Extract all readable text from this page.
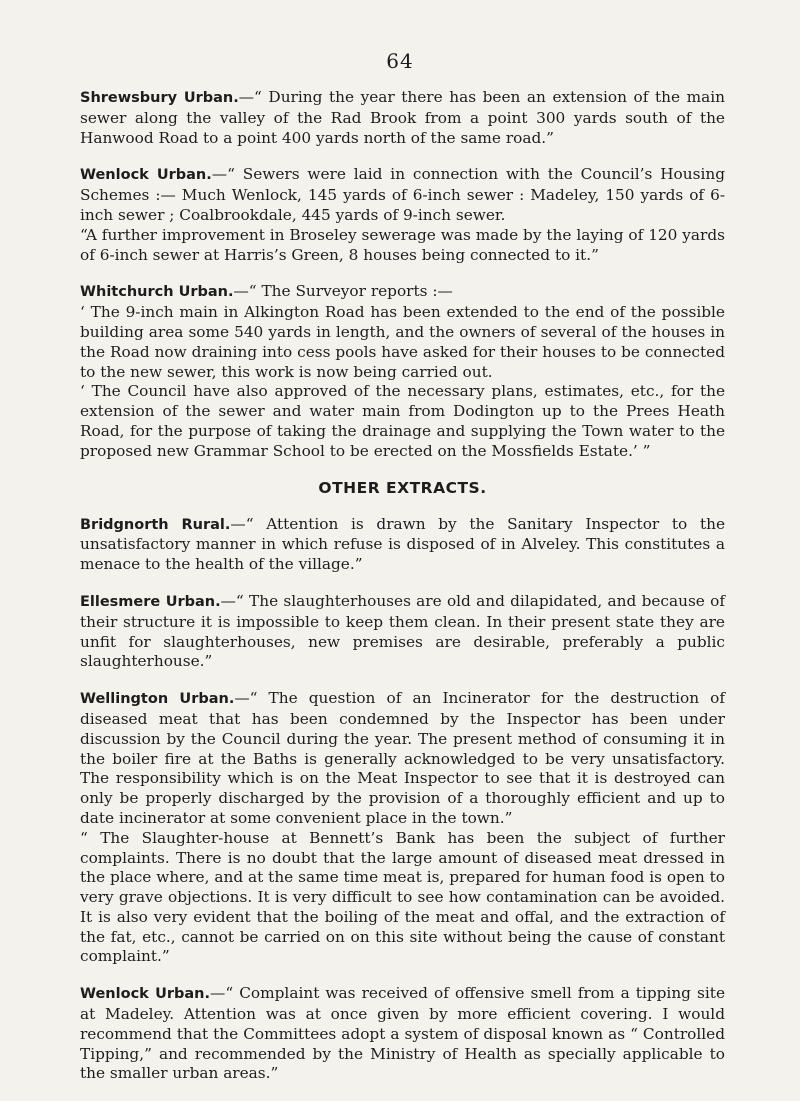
64

Shrewsbury Urban.—“ During the year there has been an extension of the main sewer along the valley of the Rad Brook from a point 300 yards south of the Hanwood Road to a point 400 yards north of the same road.”

Wenlock Urban.—“ Sewers were laid in connection with the Council’s Housing Schemes :— Much Wenlock, 145 yards of 6-inch sewer : Madeley, 150 yards of 6-inch sewer ; Coalbrookdale, 445 yards of 9-inch sewer.

“A further improvement in Broseley sewerage was made by the laying of 120 yards of 6-inch sewer at Harris’s Green, 8 houses being connected to it.”

Whitchurch Urban.—“ The Surveyor reports :—

‘ The 9-inch main in Alkington Road has been extended to the end of the possible building area some 540 yards in length, and the owners of several of the houses in the Road now draining into cess pools have asked for their houses to be connected to the new sewer, this work is now being carried out.

‘ The Council have also approved of the necessary plans, estimates, etc., for the extension of the sewer and water main from Dodington up to the Prees Heath Road, for the purpose of taking the drainage and supplying the Town water to the proposed new Grammar School to be erected on the Mossfields Estate.’ ”

OTHER EXTRACTS.

Bridgnorth Rural.—“ Attention is drawn by the Sanitary Inspector to the unsatisfactory manner in which refuse is disposed of in Alveley. This constitutes a menace to the health of the village.”

Ellesmere Urban.—“ The slaughterhouses are old and dilapidated, and because of their structure it is impossible to keep them clean. In their present state they are unfit for slaughterhouses, new premises are desirable, preferably a public slaughterhouse.”

Wellington Urban.—“ The question of an Incinerator for the destruction of diseased meat that has been condemned by the Inspector has been under discussion by the Council during the year. The present method of consuming it in the boiler fire at the Baths is generally acknowledged to be very unsatisfactory. The responsibility which is on the Meat Inspector to see that it is destroyed can only be properly discharged by the provision of a thoroughly efficient and up to date incinerator at some convenient place in the town.”

“ The Slaughter-house at Bennett’s Bank has been the subject of further complaints. There is no doubt that the large amount of diseased meat dressed in the place where, and at the same time meat is, prepared for human food is open to very grave objections. It is very difficult to see how contamination can be avoided. It is also very evident that the boiling of the meat and offal, and the extraction of the fat, etc., cannot be carried on on this site without being the cause of constant complaint.”

Wenlock Urban.—“ Complaint was received of offensive smell from a tipping site at Madeley. Attention was at once given by more efficient covering. I would recommend that the Committees adopt a system of disposal known as “ Controlled Tipping,” and recommended by the Ministry of Health as specially applicable to the smaller urban areas.”
